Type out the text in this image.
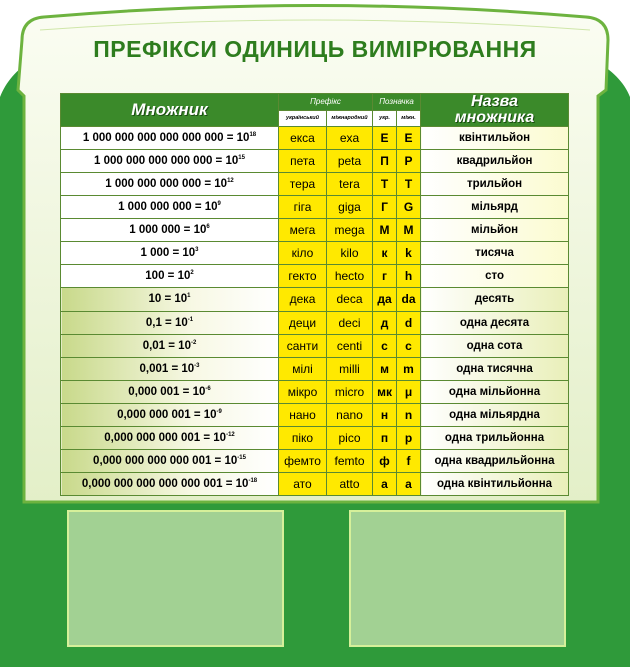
ПРЕФІКСИ ОДИНИЦЬ ВИМІРЮВАННЯ
Множник	Префікс		Позначка		Назва
множника
	український	міжнародний	укр.	міжн.	
1 000 000 000 000 000 $000 = 10^{18}$	екса	exa	Е	E	квінтильйон
1 000 000 000 000 $000 = 10^{15}$	пета	peta	П	P	квадрильйон
1 000 000 000 $000 = 10^{12}$	тера	tera	Т	T	трильйон
1 000 000 $000 = 10^9$	гіга	giga	Г	G	мільярд
1 000 $000 = 10^6$	мега	mega	М	M	мільйон
1 $000 = 10^3$	кіло	kilo	к	k	тисяча
$100 = 10^2$	гекто	hecto	г	h	сто
$10 = 10^1$	дека	deca	да	da	десять
$0,1 = 10^{-1}$	деци	deci	д	d	одна десята
$0,01 = 10^{-2}$	санти	centi	с	c	одна сота
$0,001 = 10^{-3}$	мілі	milli	м	m	одна тисячна
0,000 $001 = 10^{-6}$	мікро	micro	мк	μ	одна мільйонна
0,000 000 $001 = 10^{-9}$	нано	nano	н	n	одна мільярдна
0,000 000 000 $001 = 10^{-12}$	піко	pico	п	p	одна трильйонна
0,000 000 000 000 $001 = 10^{-15}$	фемто	femto	ф	f	одна квадрильйонна
0,000 000 000 000 000 $001 = 10^{-18}$	ато	atto	а	a	одна квінтильйонна
